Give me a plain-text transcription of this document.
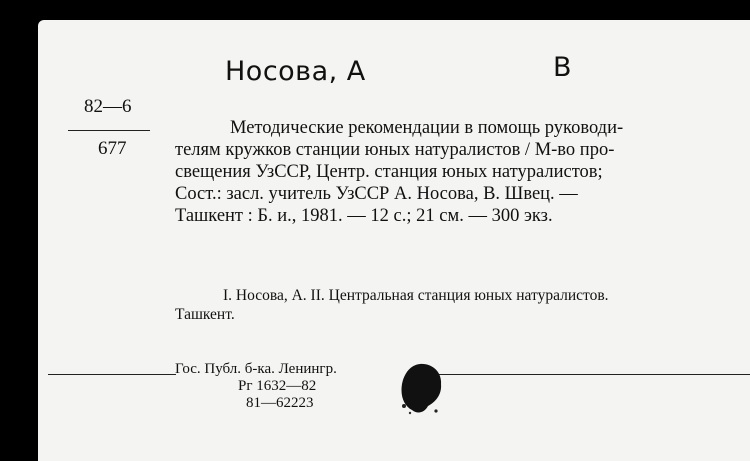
Носова, А	В
82—6
677
Методические рекомендации в помощь руководи-
телям кружков станции юных натуралистов / М-во про-
свещения УзССР, Центр. станция юных натуралистов;
Сост.: засл. учитель УзССР А. Носова, В. Швец. —
Ташкент : Б. и., 1981. — 12 с.; 21 см. — 300 экз.
I. Носова, А. II. Центральная станция юных натуралистов.
Ташкент.
Гос. Публ. б-ка. Ленингр.
Рг 1632—82
81—62223
